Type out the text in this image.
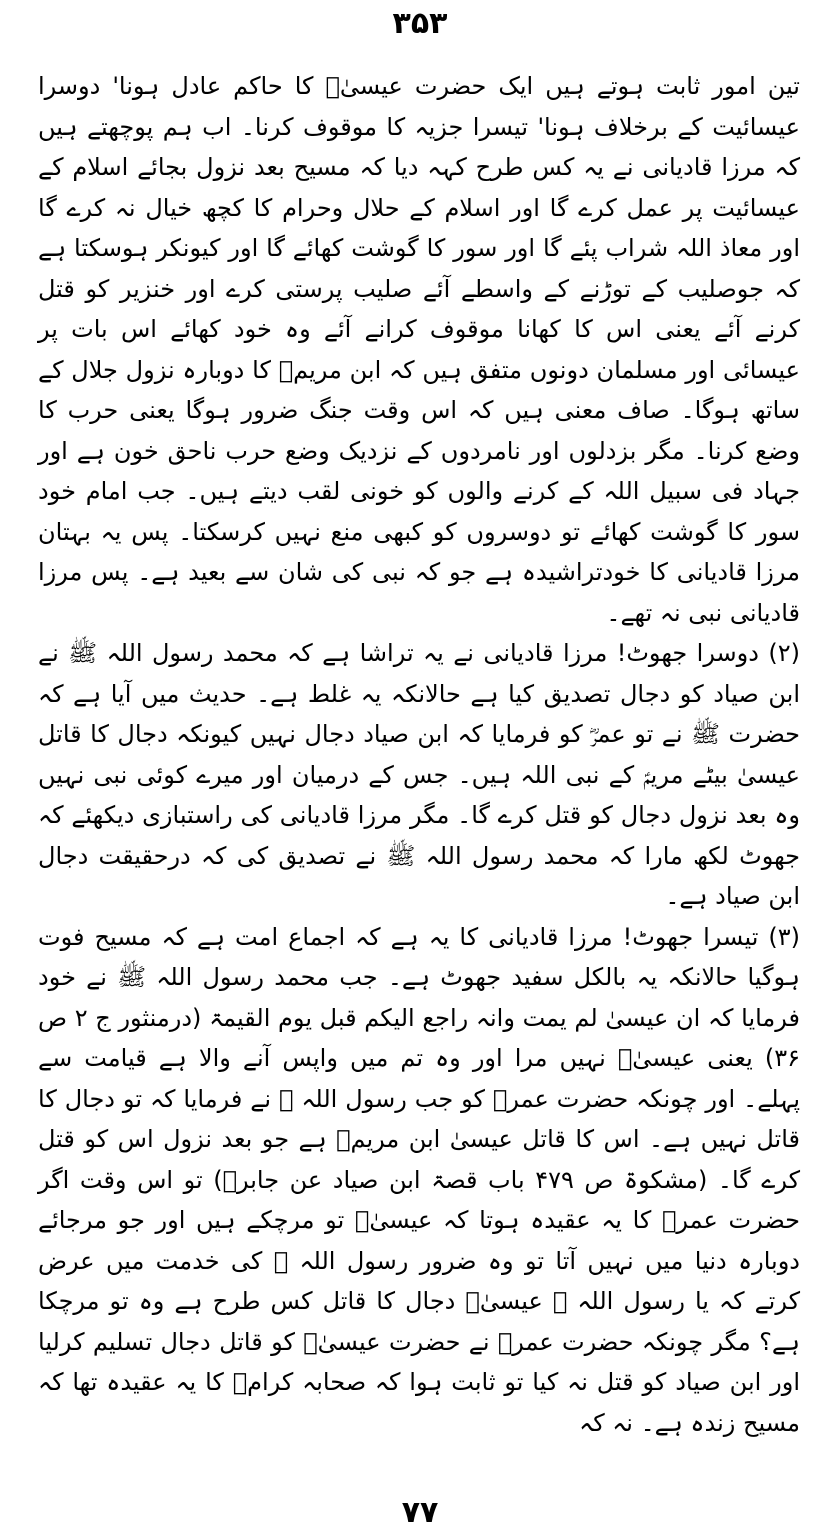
۳۵۳

تین امور ثابت ہوتے ہیں ایک حضرت عیسیٰؑ کا حاکم عادل ہونا' دوسرا عیسائیت کے برخلاف ہونا' تیسرا جزیہ کا موقوف کرنا۔ اب ہم پوچھتے ہیں کہ مرزا قادیانی نے یہ کس طرح کہہ دیا کہ مسیح بعد نزول بجائے اسلام کے عیسائیت پر عمل کرے گا اور اسلام کے حلال وحرام کا کچھ خیال نہ کرے گا اور معاذ اللہ شراب پئے گا اور سور کا گوشت کھائے گا اور کیونکر ہوسکتا ہے کہ جوصلیب کے توڑنے کے واسطے آئے صلیب پرستی کرے اور خنزیر کو قتل کرنے آئے یعنی اس کا کھانا موقوف کرانے آئے وہ خود کھائے اس بات پر عیسائی اور مسلمان دونوں متفق ہیں کہ ابن مریمؑ کا دوبارہ نزول جلال کے ساتھ ہوگا۔ صاف معنی ہیں کہ اس وقت جنگ ضرور ہوگا یعنی حرب کا وضع کرنا۔ مگر بزدلوں اور نامردوں کے نزدیک وضع حرب ناحق خون ہے اور جہاد فی سبیل اللہ کے کرنے والوں کو خونی لقب دیتے ہیں۔ جب امام خود سور کا گوشت کھائے تو دوسروں کو کبھی منع نہیں کرسکتا۔ پس یہ بہتان مرزا قادیانی کا خودتراشیدہ ہے جو کہ نبی کی شان سے بعید ہے۔ پس مرزا قادیانی نبی نہ تھے۔

(۲) دوسرا جھوٹ! مرزا قادیانی نے یہ تراشا ہے کہ محمد رسول اللہ ﷺ نے ابن صیاد کو دجال تصدیق کیا ہے حالانکہ یہ غلط ہے۔ حدیث میں آیا ہے کہ حضرت ﷺ نے تو عمرؓ کو فرمایا کہ ابن صیاد دجال نہیں کیونکہ دجال کا قاتل عیسیٰ بیٹے مریمؑ کے نبی اللہ ہیں۔ جس کے درمیان اور میرے کوئی نبی نہیں وہ بعد نزول دجال کو قتل کرے گا۔ مگر مرزا قادیانی کی راستبازی دیکھئے کہ جھوٹ لکھ مارا کہ محمد رسول اللہ ﷺ نے تصدیق کی کہ درحقیقت دجال ابن صیاد ہے۔

(۳) تیسرا جھوٹ! مرزا قادیانی کا یہ ہے کہ اجماع امت ہے کہ مسیح فوت ہوگیا حالانکہ یہ بالکل سفید جھوٹ ہے۔ جب محمد رسول اللہ ﷺ نے خود فرمایا کہ ان عیسیٰ لم یمت وانہ راجع الیکم قبل یوم القیمۃ (درمنثور ج ۲ ص ۳۶) یعنی عیسیٰؑ نہیں مرا اور وہ تم میں واپس آنے والا ہے قیامت سے پہلے۔ اور چونکہ حضرت عمرؓ کو جب رسول اللہ ﷺ نے فرمایا کہ تو دجال کا قاتل نہیں ہے۔ اس کا قاتل عیسیٰ ابن مریمؑ ہے جو بعد نزول اس کو قتل کرے گا۔ (مشکوۃ ص ۴۷۹ باب قصۃ ابن صیاد عن جابرؓ) تو اس وقت اگر حضرت عمرؓ کا یہ عقیدہ ہوتا کہ عیسیٰؑ تو مرچکے ہیں اور جو مرجائے دوبارہ دنیا میں نہیں آتا تو وہ ضرور رسول اللہ ﷺ کی خدمت میں عرض کرتے کہ یا رسول اللہ ﷺ عیسیٰؑ دجال کا قاتل کس طرح ہے وہ تو مرچکا ہے؟ مگر چونکہ حضرت عمرؓ نے حضرت عیسیٰؑ کو قاتل دجال تسلیم کرلیا اور ابن صیاد کو قتل نہ کیا تو ثابت ہوا کہ صحابہ کرامؓ کا یہ عقیدہ تھا کہ مسیح زندہ ہے۔ نہ کہ

۷۷
